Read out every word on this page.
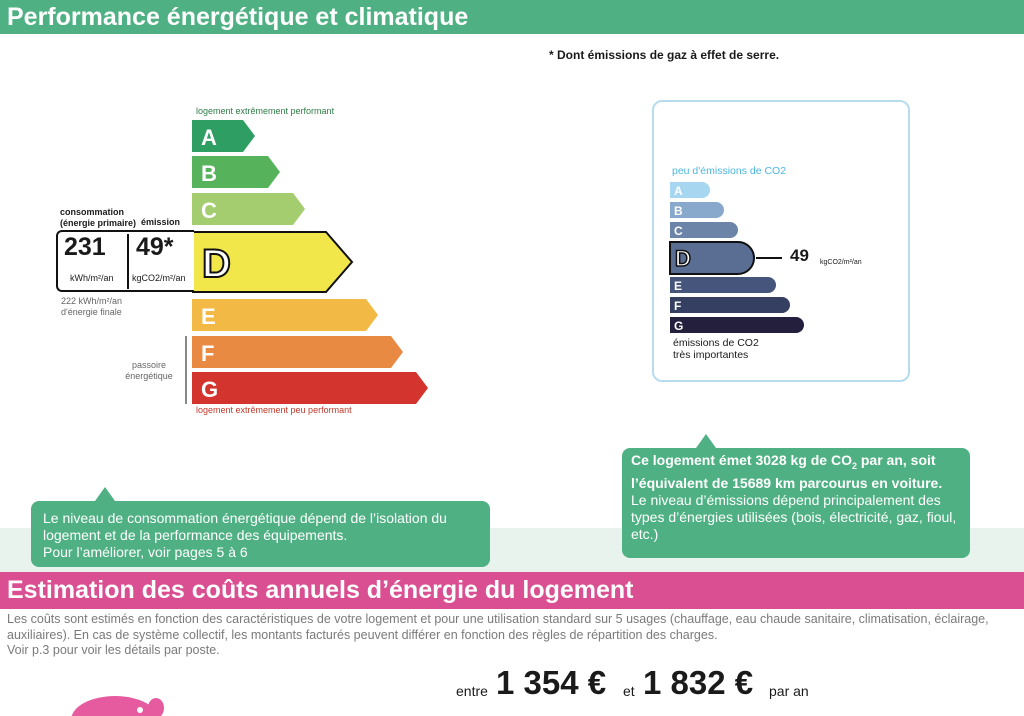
Performance énergétique et climatique
* Dont émissions de gaz à effet de serre.
logement extrêmement performant
A
B
C
D
E
F
G
logement extrêmement peu performant
consommation
(énergie primaire) émission
231
kWh/m²/an
49*
kgCO2/m²/an
222 kWh/m²/an
d'énergie finale
passoire
énergétique
peu d'émissions de CO2
A
B
C
D
E
F
G
49 kgCO2/m²/an
émissions de CO2
très importantes
Le niveau de consommation énergétique dépend de l’isolation du logement et de la performance des équipements.
Pour l’améliorer, voir pages 5 à 6
Ce logement émet 3028 kg de $CO_2$ par an, soit l’équivalent de 15689 km parcourus en voiture.
Le niveau d’émissions dépend principalement des types d’énergies utilisées (bois, électricité, gaz, fioul, etc.)
Estimation des coûts annuels d’énergie du logement
Les coûts sont estimés en fonction des caractéristiques de votre logement et pour une utilisation standard sur 5 usages (chauffage, eau chaude sanitaire, climatisation, éclairage, auxiliaires). En cas de système collectif, les montants facturés peuvent différer en fonction des règles de répartition des charges.
Voir p.3 pour voir les détails par poste.
entre 1 354 € et 1 832 € par an
